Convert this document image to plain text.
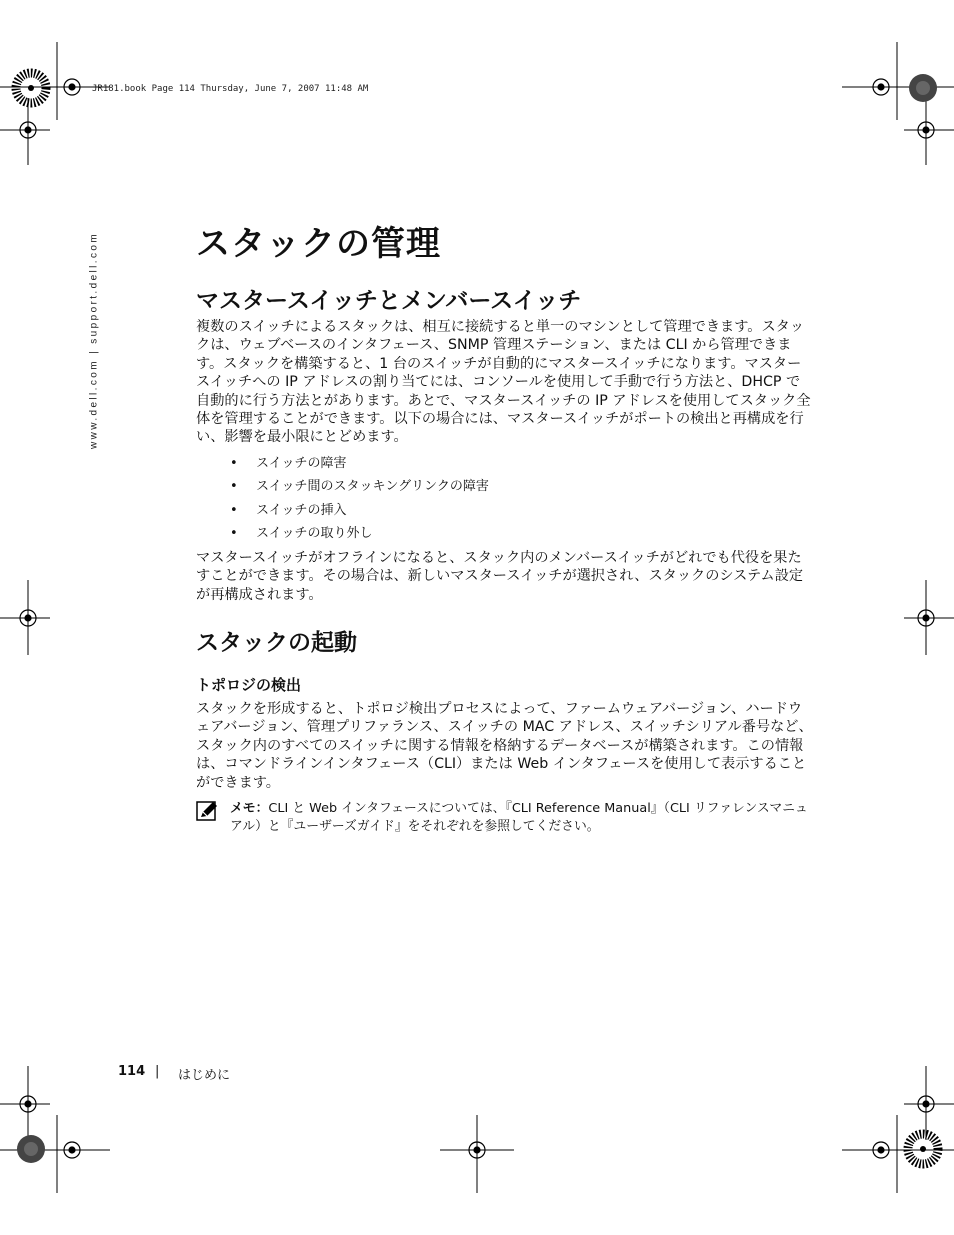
JR181.book Page 114 Thursday, June 7, 2007 11:48 AM
www.dell.com | support.dell.com	スタックの管理
マスタースイッチとメンバースイッチ

複数のスイッチによるスタックは、相互に接続すると単一のマシンとして管理できます。スタックは、ウェブベースのインタフェース、SNMP 管理ステーション、または CLI から管理できます。スタックを構築すると、1 台のスイッチが自動的にマスタースイッチになります。マスタースイッチへの IP アドレスの割り当てには、コンソールを使用して手動で行う方法と、DHCP で自動的に行う方法とがあります。あとで、マスタースイッチの IP アドレスを使用してスタック全体を管理することができます。以下の場合には、マスタースイッチがポートの検出と再構成を行い、影響を最小限にとどめます。

• スイッチの障害
• スイッチ間のスタッキングリンクの障害
• スイッチの挿入
• スイッチの取り外し

マスタースイッチがオフラインになると、スタック内のメンバースイッチがどれでも代役を果たすことができます。その場合は、新しいマスタースイッチが選択され、スタックのシステム設定が再構成されます。

スタックの起動
トポロジの検出

スタックを形成すると、トポロジ検出プロセスによって、ファームウェアバージョン、ハードウェアバージョン、管理プリファランス、スイッチの MAC アドレス、スイッチシリアル番号など、スタック内のすべてのスイッチに関する情報を格納するデータベースが構築されます。この情報は、コマンドラインインタフェース（CLI）または Web インタフェースを使用して表示することができます。

メモ：CLI と Web インタフェースについては、『CLI Reference Manual』（CLI リファレンスマニュアル）と『ユーザーズガイド』をそれぞれを参照してください。
114 | はじめに
